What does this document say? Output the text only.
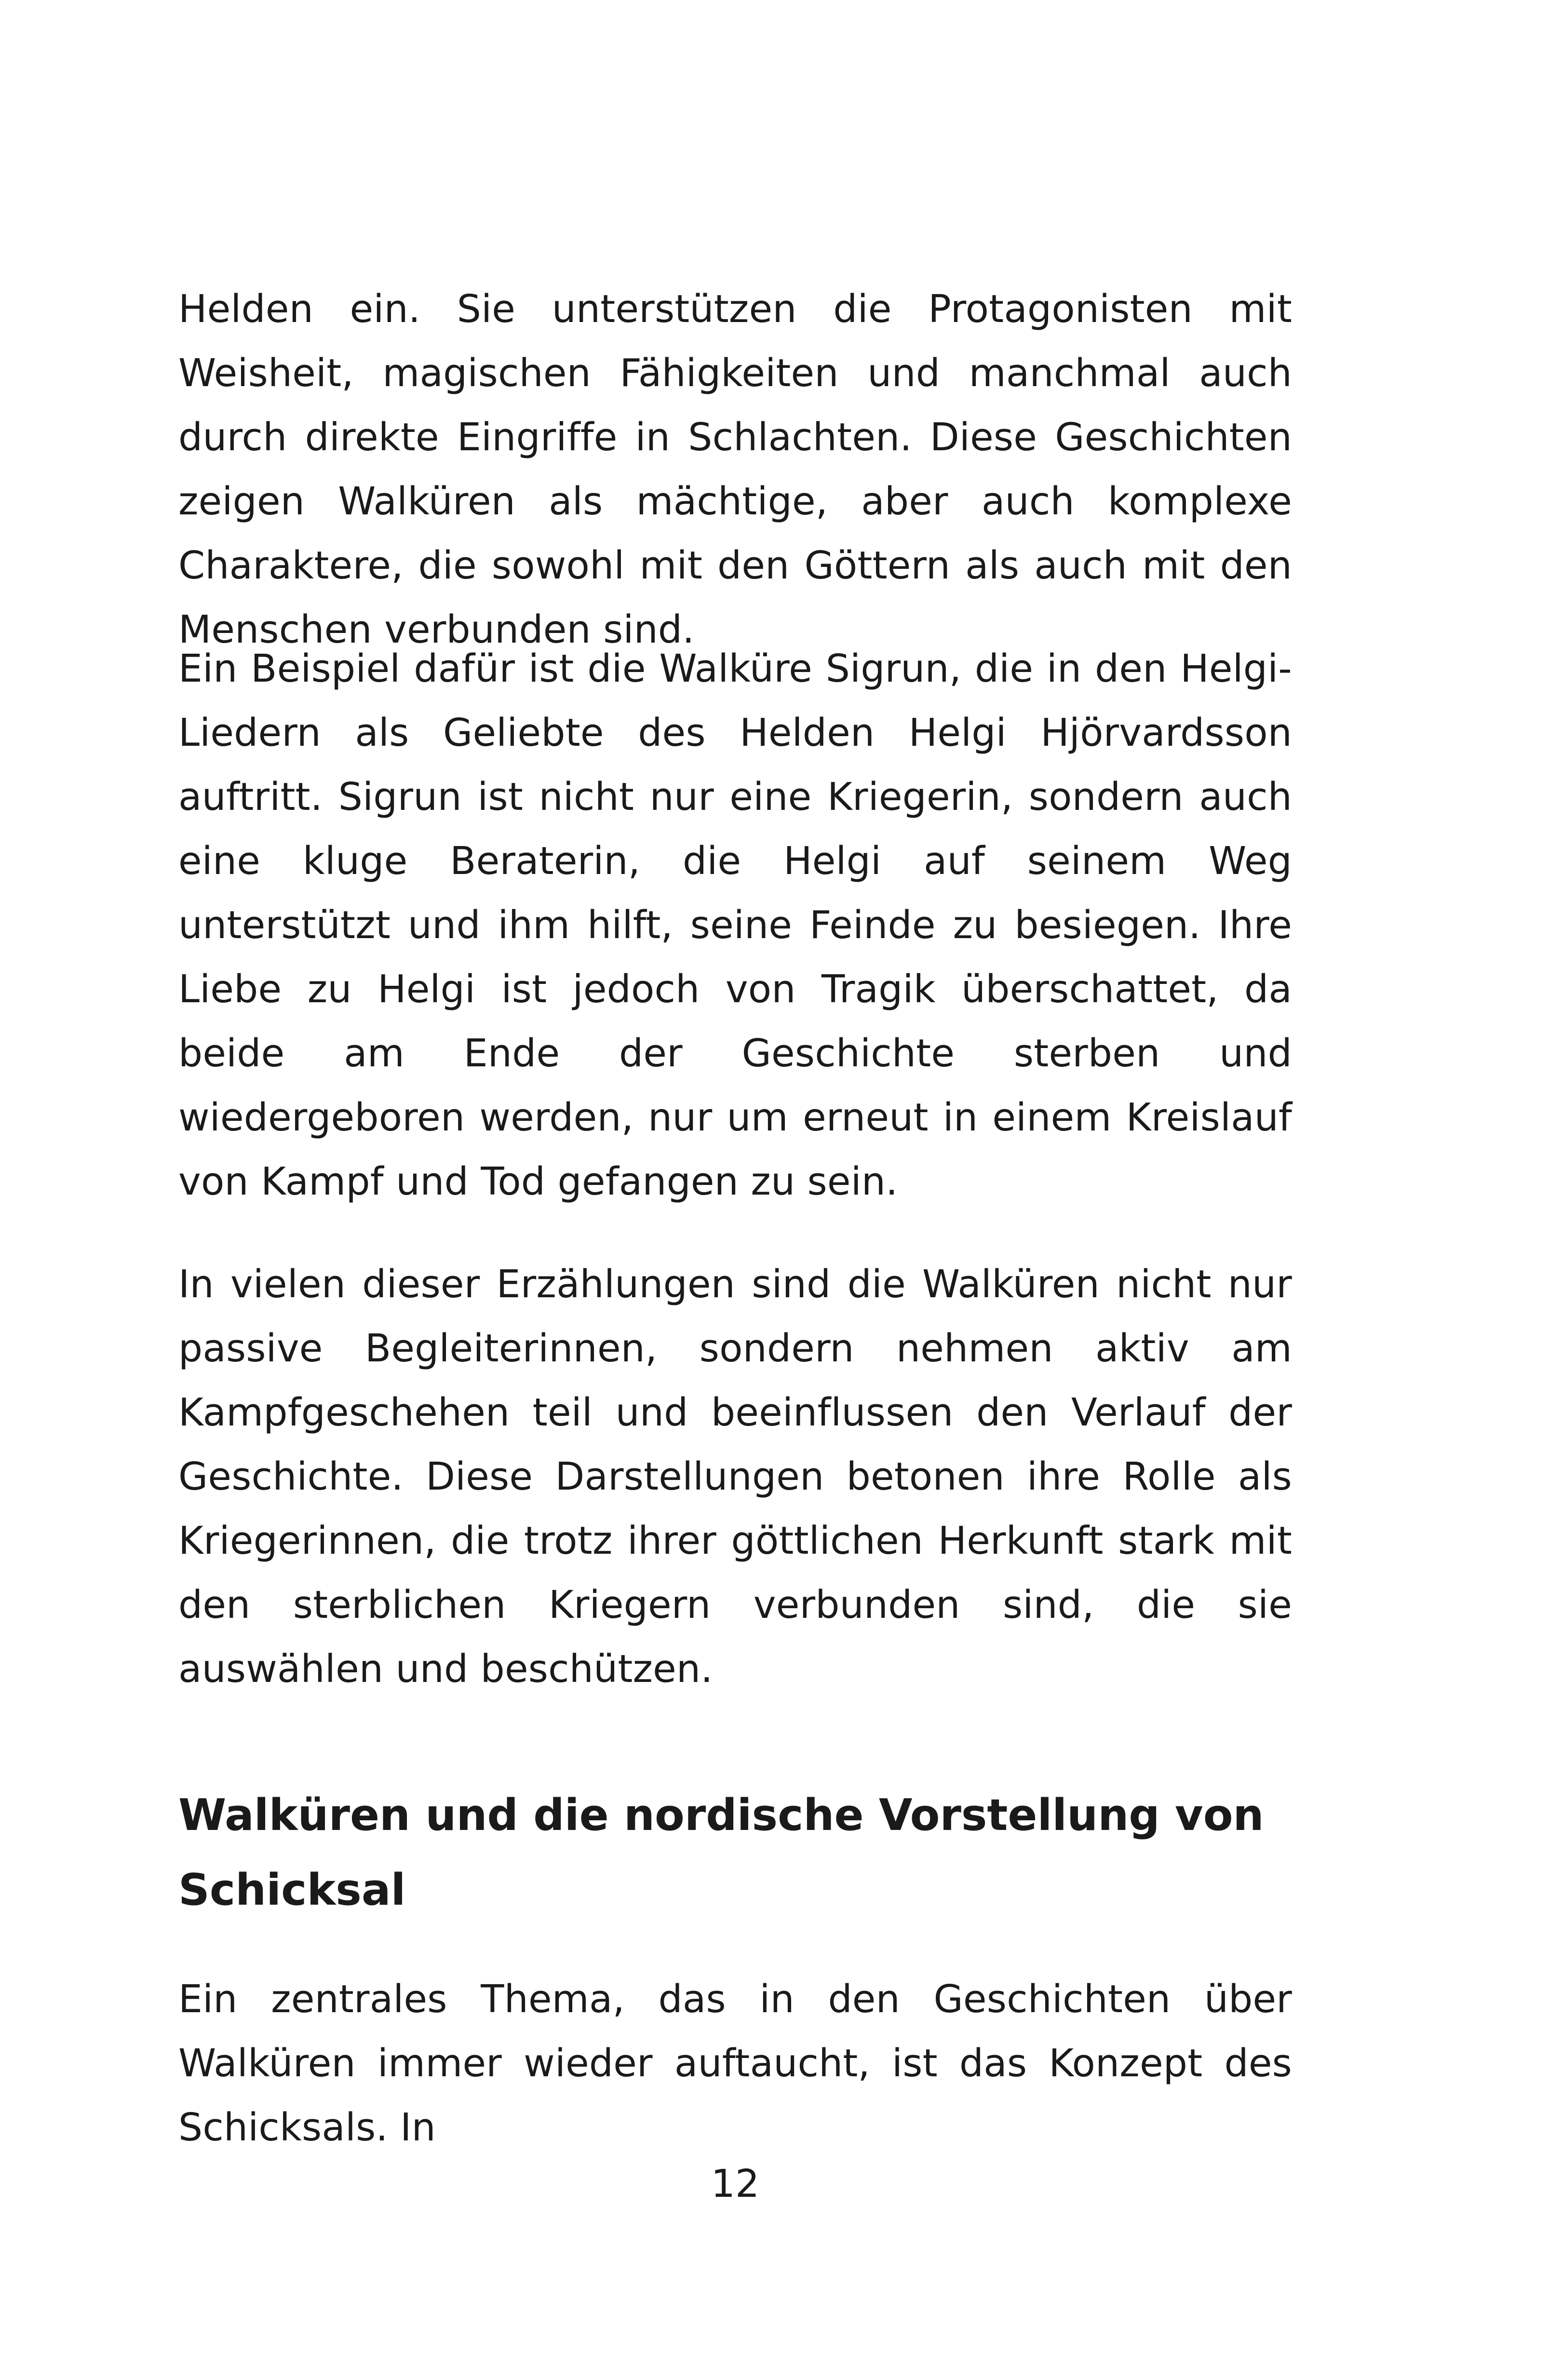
Helden ein. Sie unterstützen die Protagonisten mit Weisheit, magischen Fähigkeiten und manchmal auch durch direkte Eingriffe in Schlachten. Diese Geschichten zeigen Walküren als mächtige, aber auch komplexe Charaktere, die sowohl mit den Göttern als auch mit den Menschen verbunden sind.

Ein Beispiel dafür ist die Walküre Sigrun, die in den Helgi-Liedern als Geliebte des Helden Helgi Hjörvardsson auftritt. Sigrun ist nicht nur eine Kriegerin, sondern auch eine kluge Beraterin, die Helgi auf seinem Weg unterstützt und ihm hilft, seine Feinde zu besiegen. Ihre Liebe zu Helgi ist jedoch von Tragik überschattet, da beide am Ende der Geschichte sterben und wiedergeboren werden, nur um erneut in einem Kreislauf von Kampf und Tod gefangen zu sein.

In vielen dieser Erzählungen sind die Walküren nicht nur passive Begleiterinnen, sondern nehmen aktiv am Kampfgeschehen teil und beeinflussen den Verlauf der Geschichte. Diese Darstellungen betonen ihre Rolle als Kriegerinnen, die trotz ihrer göttlichen Herkunft stark mit den sterblichen Kriegern verbunden sind, die sie auswählen und beschützen.

Walküren und die nordische Vorstellung von Schicksal

Ein zentrales Thema, das in den Geschichten über Walküren immer wieder auftaucht, ist das Konzept des Schicksals. In

12
